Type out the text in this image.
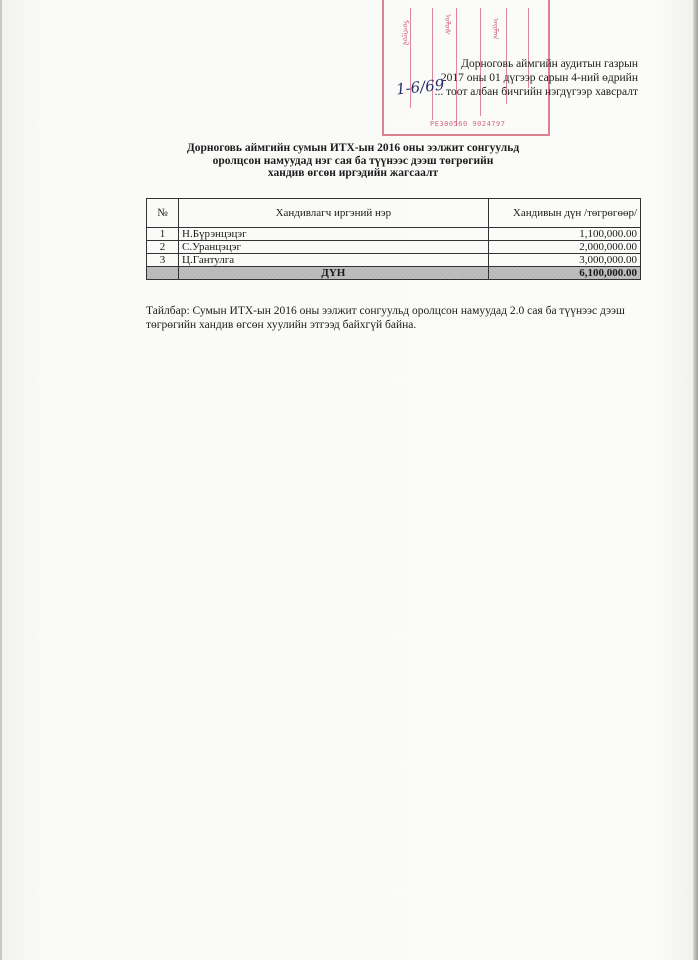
ᠮᠣᠩᠭᠣᠯ	ᠤᠯᠤᠰ	ᠠᠢᠮᠠᠭ
РЕЗ00560 9024797
Дорноговь аймгийн аудитын газрын
2017 оны 01 дүгээр сарын 4-ний өдрийн
... тоот албан бичгийн нэгдүгээр хавсралт
1-6/69
Дорноговь аймгийн сумын ИТХ-ын 2016 оны ээлжит сонгуульд
оролцсон намуудад нэг сая ба түүнээс дээш төгрөгийн
хандив өгсөн иргэдийн жагсаалт
№	Хандивлагч иргэний нэр	Хандивын дүн /төгрөгөөр/
1	Н.Бүрэнцэцэг	1,100,000.00
2	С.Уранцэцэг	2,000,000.00
3	Ц.Гантулга	3,000,000.00
	ДҮН	6,100,000.00
Тайлбар: Сумын ИТХ-ын 2016 оны ээлжит сонгуульд оролцсон намуудад 2.0 сая ба түүнээс дээш төгрөгийн хандив өгсөн хуулийн этгээд байхгүй байна.
